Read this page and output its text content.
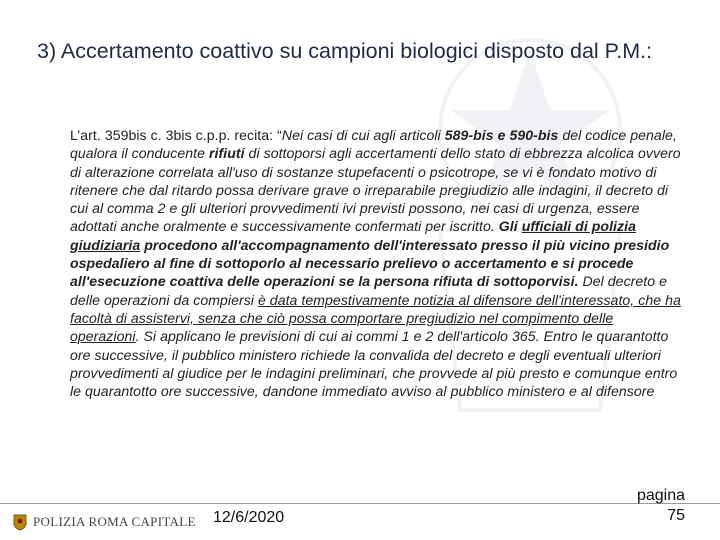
3) Accertamento coattivo su campioni biologici disposto dal P.M.:
L’art. 359bis c. 3bis c.p.p. recita: “Nei casi di cui agli articoli 589-bis e 590-bis del codice penale, qualora il conducente rifiuti di sottoporsi agli accertamenti dello stato di ebbrezza alcolica ovvero di alterazione correlata all'uso di sostanze stupefacenti o psicotrope, se vi è fondato motivo di ritenere che dal ritardo possa derivare grave o irreparabile pregiudizio alle indagini, il decreto di cui al comma 2 e gli ulteriori provvedimenti ivi previsti possono, nei casi di urgenza, essere adottati anche oralmente e successivamente confermati per iscritto. Gli ufficiali di polizia giudiziaria procedono all'accompagnamento dell'interessato presso il più vicino presidio ospedaliero al fine di sottoporlo al necessario prelievo o accertamento e si procede all'esecuzione coattiva delle operazioni se la persona rifiuta di sottoporvisi. Del decreto e delle operazioni da compiersi è data tempestivamente notizia al difensore dell'interessato, che ha facoltà di assistervi, senza che ciò possa comportare pregiudizio nel compimento delle operazioni. Si applicano le previsioni di cui ai commi 1 e 2 dell'articolo 365. Entro le quarantotto ore successive, il pubblico ministero richiede la convalida del decreto e degli eventuali ulteriori provvedimenti al giudice per le indagini preliminari, che provvede al più presto e comunque entro le quarantotto ore successive, dandone immediato avviso al pubblico ministero e al difensore
POLIZIA ROMA CAPITALE 12/6/2020
pagina
75
